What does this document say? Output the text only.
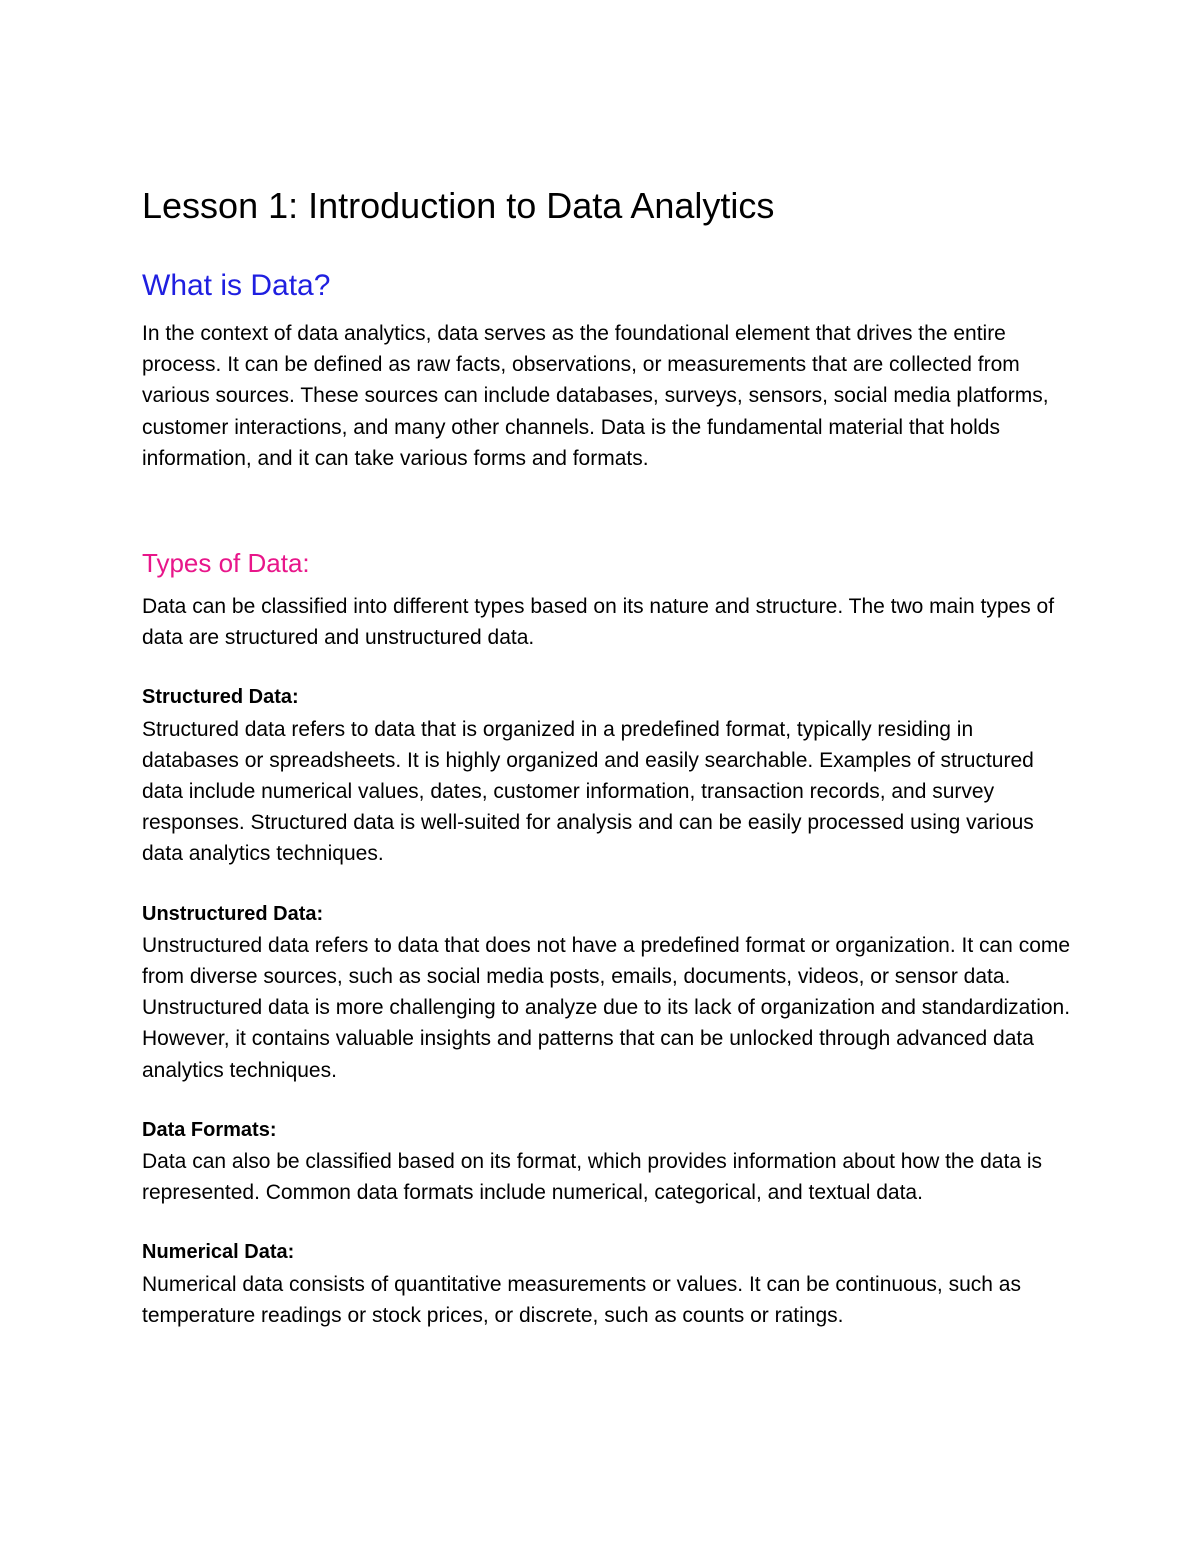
Lesson 1: Introduction to Data Analytics
What is Data?

In the context of data analytics, data serves as the foundational element that drives the entire process. It can be defined as raw facts, observations, or measurements that are collected from various sources. These sources can include databases, surveys, sensors, social media platforms, customer interactions, and many other channels. Data is the fundamental material that holds information, and it can take various forms and formats.

Types of Data:

Data can be classified into different types based on its nature and structure. The two main types of data are structured and unstructured data.

Structured Data:

Structured data refers to data that is organized in a predefined format, typically residing in databases or spreadsheets. It is highly organized and easily searchable. Examples of structured data include numerical values, dates, customer information, transaction records, and survey responses. Structured data is well-suited for analysis and can be easily processed using various data analytics techniques.

Unstructured Data:

Unstructured data refers to data that does not have a predefined format or organization. It can come from diverse sources, such as social media posts, emails, documents, videos, or sensor data. Unstructured data is more challenging to analyze due to its lack of organization and standardization. However, it contains valuable insights and patterns that can be unlocked through advanced data analytics techniques.

Data Formats:

Data can also be classified based on its format, which provides information about how the data is represented. Common data formats include numerical, categorical, and textual data.

Numerical Data:

Numerical data consists of quantitative measurements or values. It can be continuous, such as temperature readings or stock prices, or discrete, such as counts or ratings.
